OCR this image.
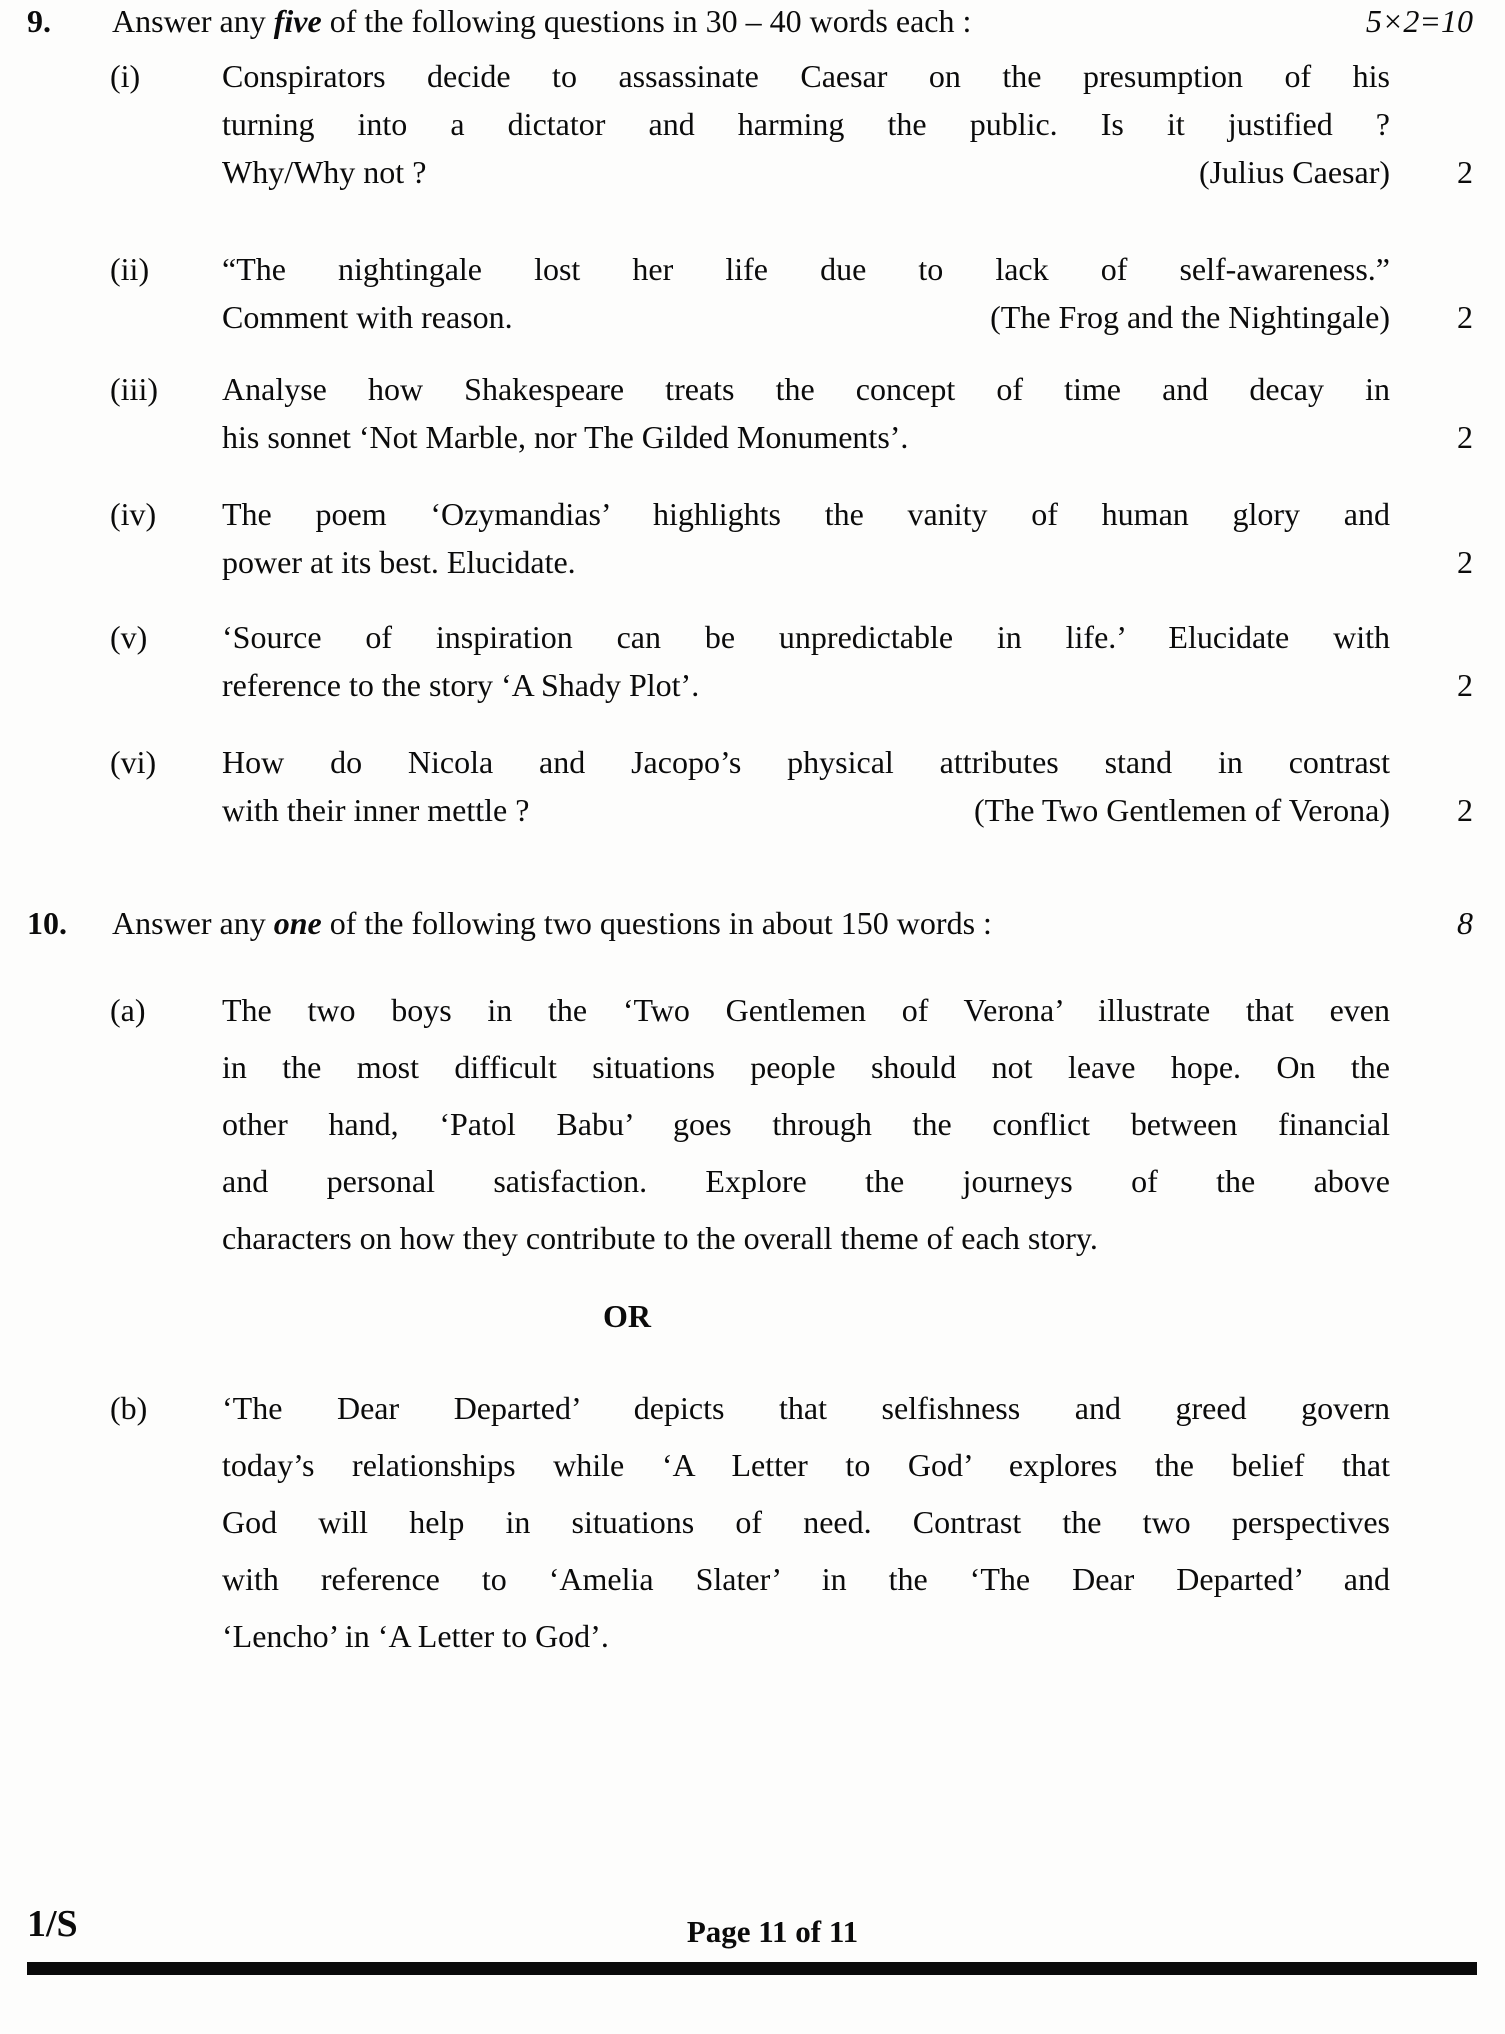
9.	Answer any five of the following questions in 30 – 40 words each :	5×2=10
(i)	Conspirators decide to assassinate Caesar on the presumption of his
turning into a dictator and harming the public. Is it justified ?
Why/Why not ?	(Julius Caesar)	2
(ii)	“The nightingale lost her life due to lack of self-awareness.”
Comment with reason.	(The Frog and the Nightingale)	2
(iii)	Analyse how Shakespeare treats the concept of time and decay in
his sonnet ‘Not Marble, nor The Gilded Monuments’.	2
(iv)	The poem ‘Ozymandias’ highlights the vanity of human glory and
power at its best. Elucidate.	2
(v)	‘Source of inspiration can be unpredictable in life.’ Elucidate with
reference to the story ‘A Shady Plot’.	2
(vi)	How do Nicola and Jacopo’s physical attributes stand in contrast
with their inner mettle ?	(The Two Gentlemen of Verona)	2
10.	Answer any one of the following two questions in about 150 words :	8
(a)	The two boys in the ‘Two Gentlemen of Verona’ illustrate that even
in the most difficult situations people should not leave hope. On the
other hand, ‘Patol Babu’ goes through the conflict between financial
and personal satisfaction. Explore the journeys of the above
characters on how they contribute to the overall theme of each story.
(b)	‘The Dear Departed’ depicts that selfishness and greed govern
today’s relationships while ‘A Letter to God’ explores the belief that
God will help in situations of need. Contrast the two perspectives
with reference to ‘Amelia Slater’ in the ‘The Dear Departed’ and
‘Lencho’ in ‘A Letter to God’.
OR
1/S	Page 11 of 11
